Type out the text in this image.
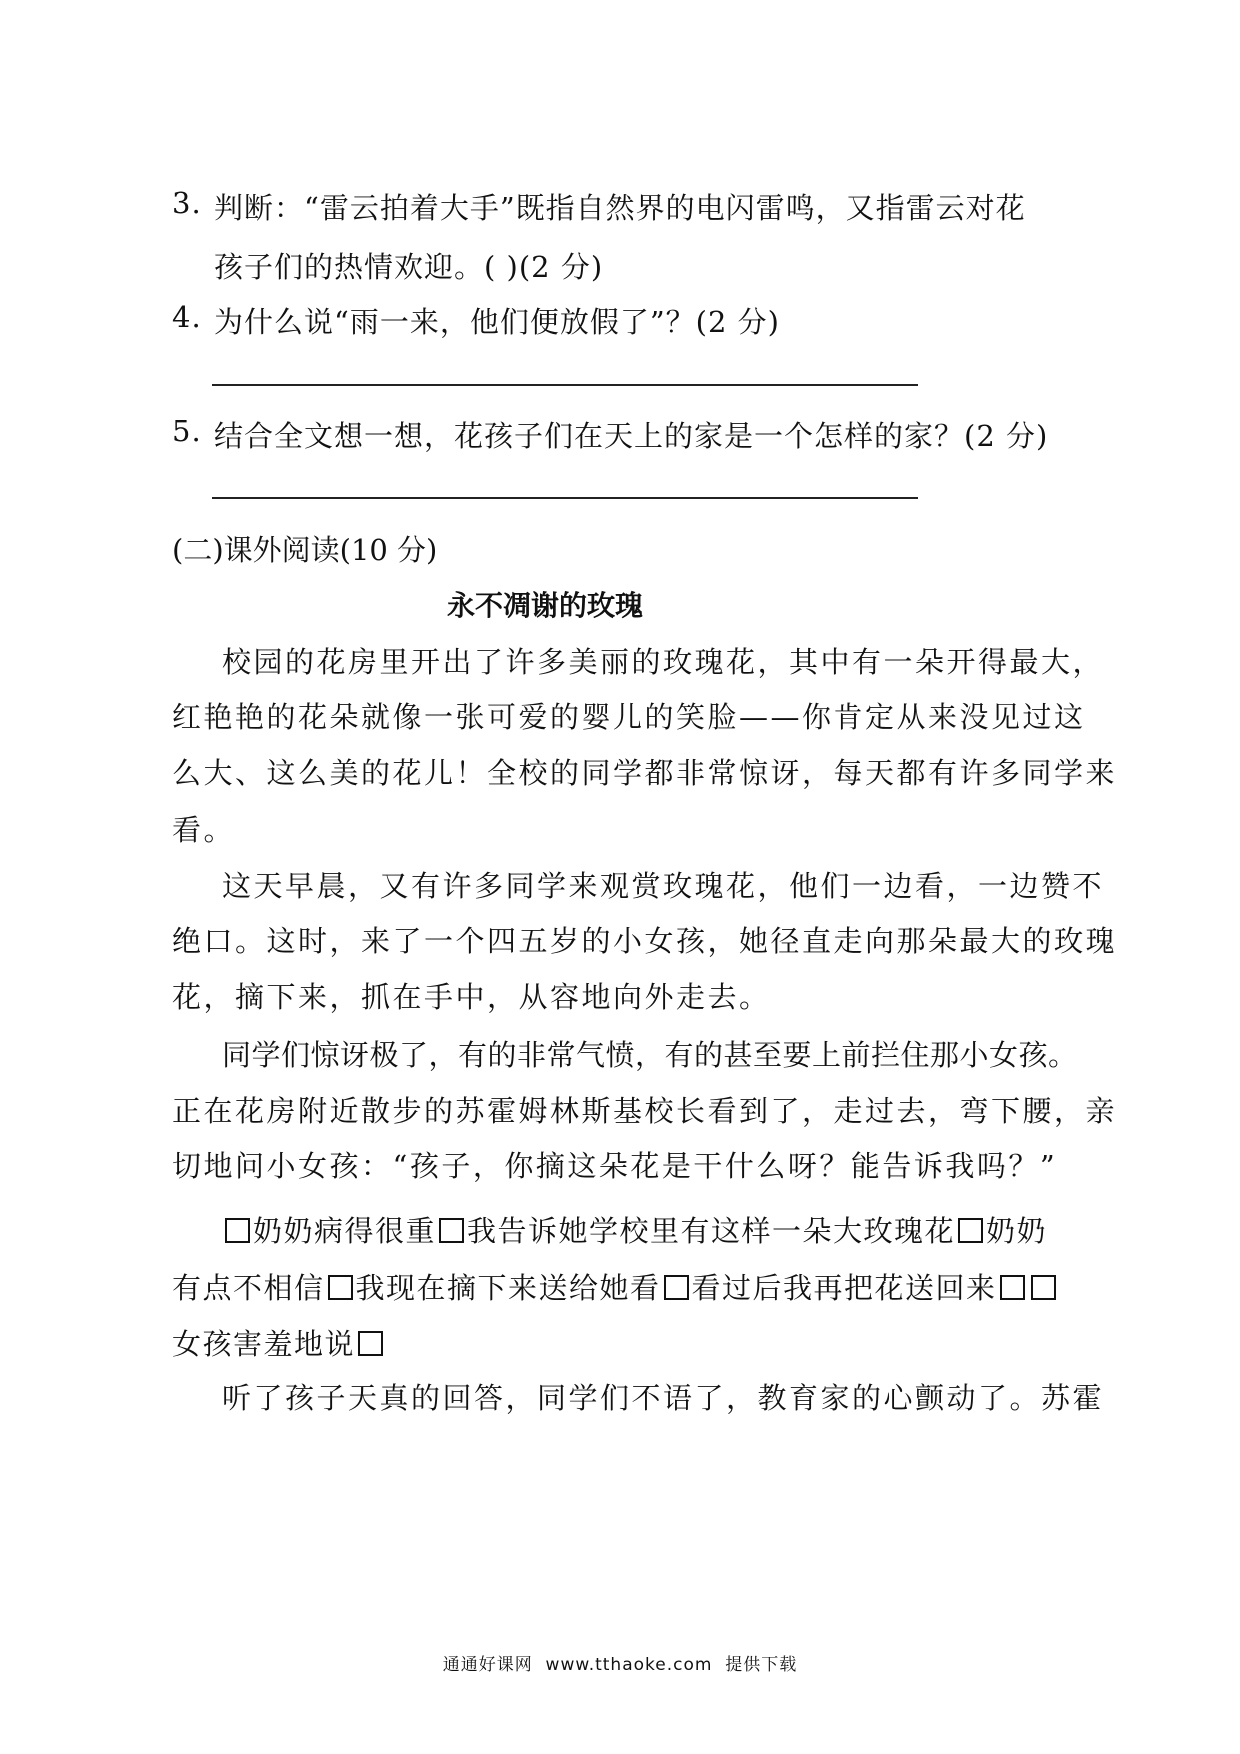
3. 判断：“雷云拍着大手”既指自然界的电闪雷鸣，又指雷云对花
孩子们的热情欢迎。( )(2 分)
4. 为什么说“雨一来，他们便放假了”？(2 分)
5. 结合全文想一想，花孩子们在天上的家是一个怎样的家？(2 分)
(二)课外阅读(10 分)
永不凋谢的玫瑰
校园的花房里开出了许多美丽的玫瑰花，其中有一朵开得最大，
红艳艳的花朵就像一张可爱的婴儿的笑脸——你肯定从来没见过这
么大、这么美的花儿！全校的同学都非常惊讶，每天都有许多同学来
看。
这天早晨，又有许多同学来观赏玫瑰花，他们一边看，一边赞不
绝口。这时，来了一个四五岁的小女孩，她径直走向那朵最大的玫瑰
花，摘下来，抓在手中，从容地向外走去。
同学们惊讶极了，有的非常气愤，有的甚至要上前拦住那小女孩。
正在花房附近散步的苏霍姆林斯基校长看到了，走过去，弯下腰，亲
切地问小女孩：“孩子，你摘这朵花是干什么呀？能告诉我吗？”
奶奶病得很重 我告诉她学校里有这样一朵大玫瑰花 奶奶
有点不相信 我现在摘下来送给她看 看过后我再把花送回来
女孩害羞地说
听了孩子天真的回答，同学们不语了，教育家的心颤动了。苏霍
通通好课网  www.tthaoke.com  提供下载
